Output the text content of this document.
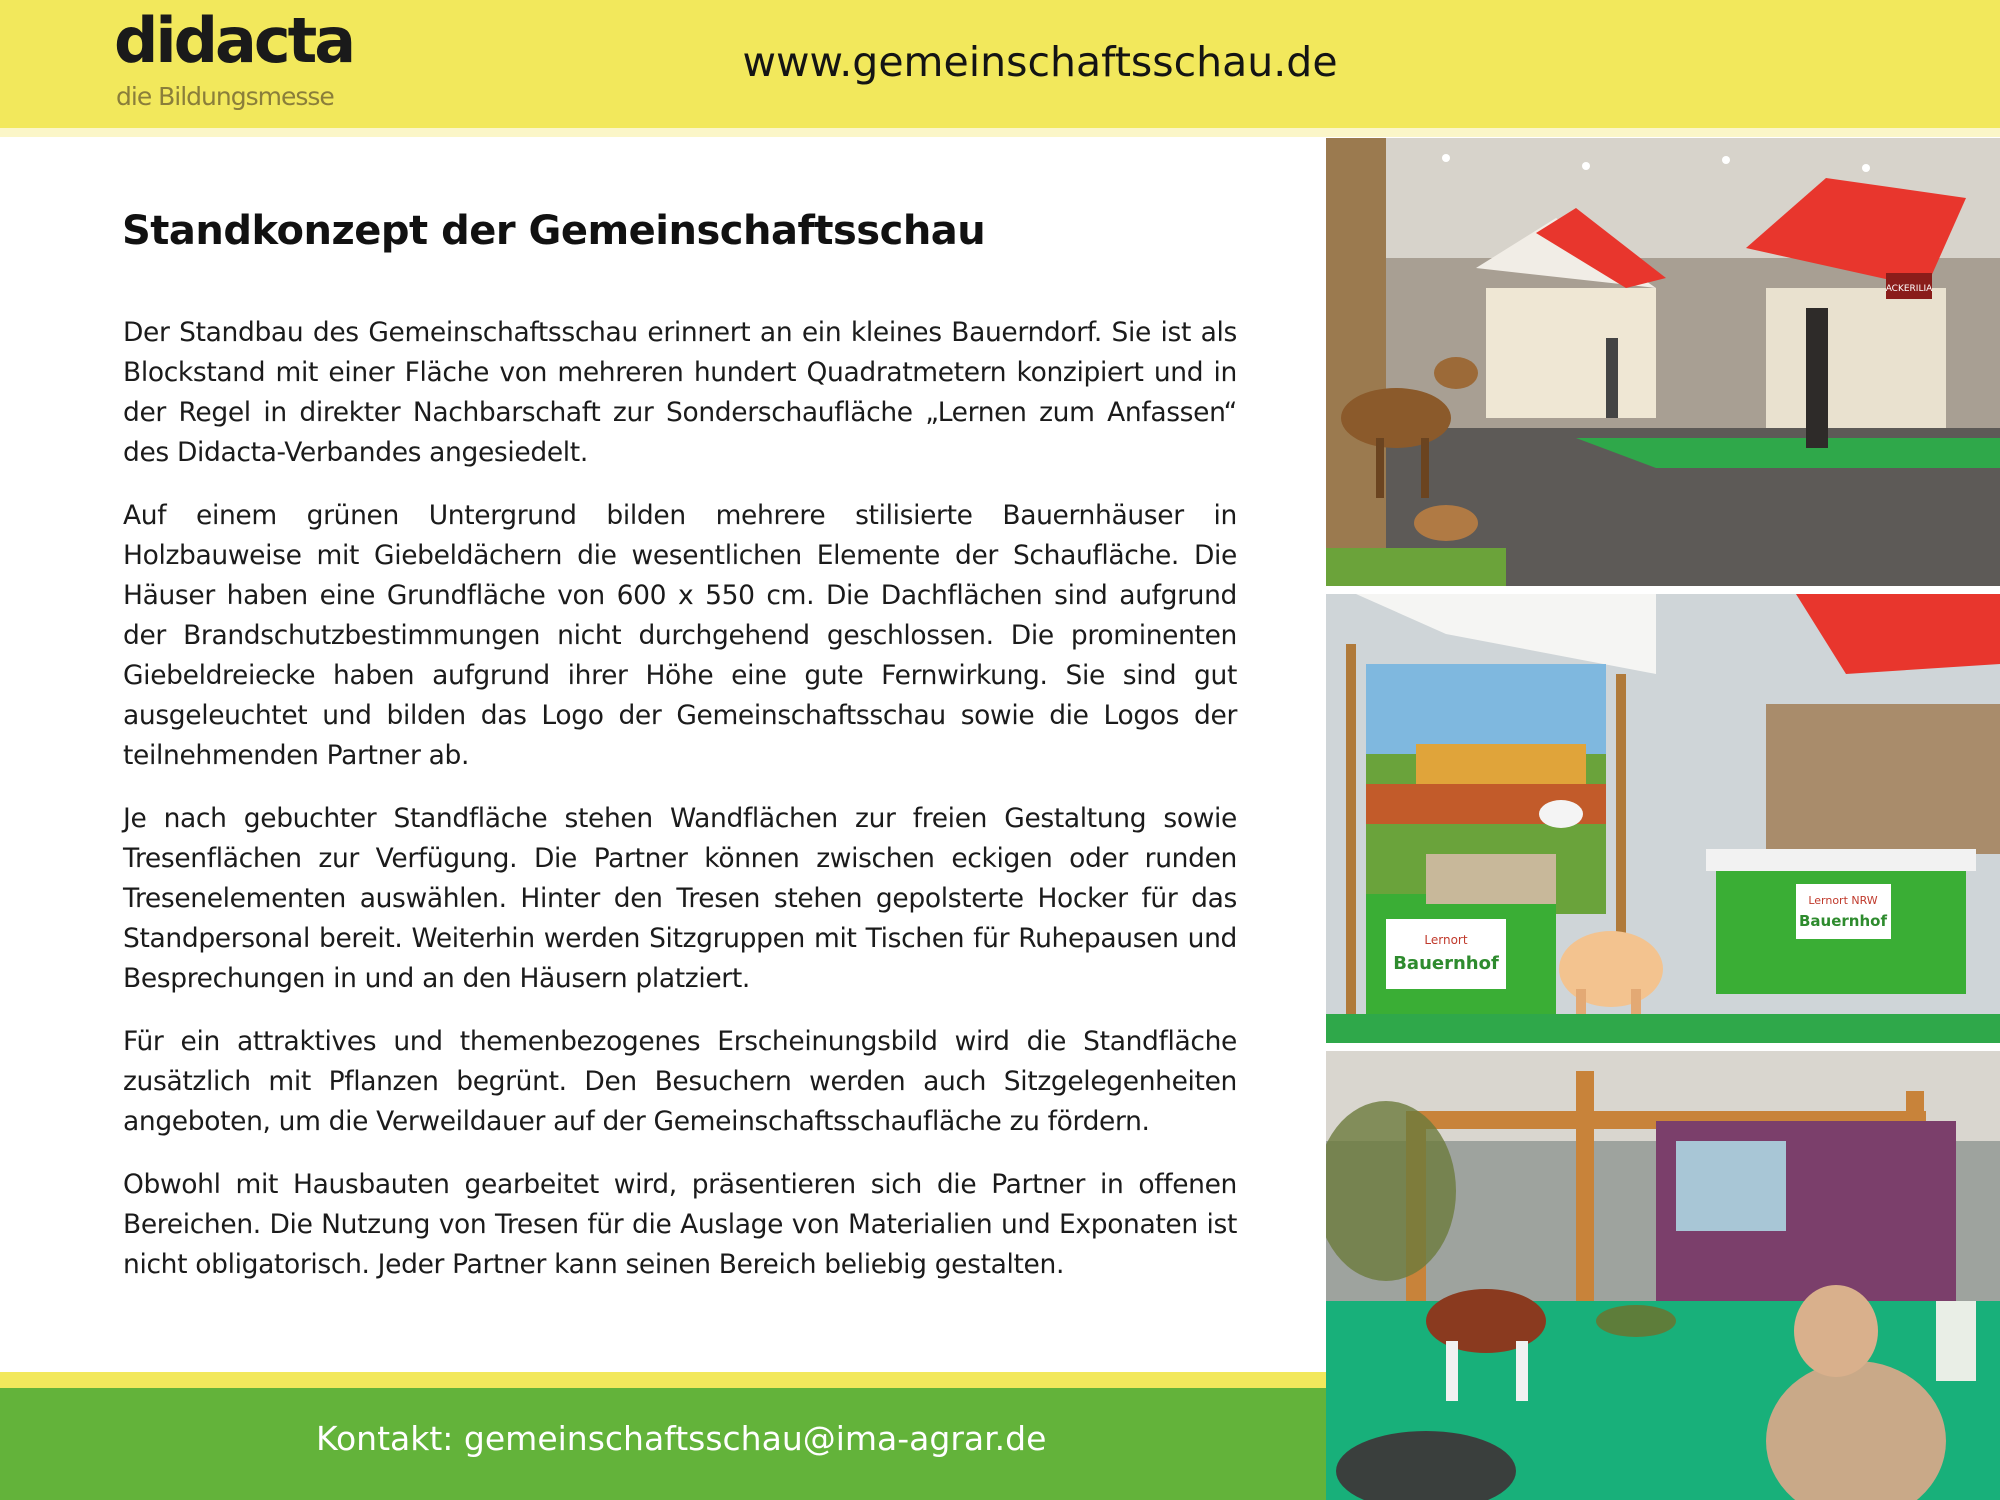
didacta
die Bildungsmesse
www.gemeinschaftsschau.de
Standkonzept der Gemeinschaftsschau

Der Standbau des Gemeinschaftsschau erinnert an ein kleines Bauerndorf. Sie ist als Blockstand mit einer Fläche von mehreren hundert Quadratmetern konzipiert und in der Regel in direkter Nachbarschaft zur Sonderschaufläche „Lernen zum Anfassen“ des Didacta-Verbandes angesiedelt.

Auf einem grünen Untergrund bilden mehrere stilisierte Bauernhäuser in Holzbauweise mit Giebeldächern die wesentlichen Elemente der Schaufläche. Die Häuser haben eine Grundfläche von 600 x 550 cm. Die Dachflächen sind aufgrund der Brandschutzbestimmungen nicht durchgehend geschlossen. Die prominenten Giebeldreiecke haben aufgrund ihrer Höhe eine gute Fernwirkung. Sie sind gut ausgeleuchtet und bilden das Logo der Gemeinschaftsschau sowie die Logos der teilnehmenden Partner ab.

Je nach gebuchter Standfläche stehen Wandflächen zur freien Gestaltung sowie Tresenflächen zur Verfügung. Die Partner können zwischen eckigen oder runden Tresenelementen auswählen. Hinter den Tresen stehen gepolsterte Hocker für das Standpersonal bereit. Weiterhin werden Sitzgruppen mit Tischen für Ruhepausen und Besprechungen in und an den Häusern platziert.

Für ein attraktives und themenbezogenes Erscheinungsbild wird die Standfläche zusätzlich mit Pflanzen begrünt. Den Besuchern werden auch Sitzgelegenheiten angeboten, um die Verweildauer auf der Gemeinschaftsschaufläche zu fördern.

Obwohl mit Hausbauten gearbeitet wird, präsentieren sich die Partner in offenen Bereichen. Die Nutzung von Tresen für die Auslage von Materialien und Exponaten ist nicht obligatorisch. Jeder Partner kann seinen Bereich beliebig gestalten.

Kontakt: gemeinschaftsschau@ima-agrar.de
ACKERILIA
Lernort
Bauernhof
Lernort NRW
Bauernhof
